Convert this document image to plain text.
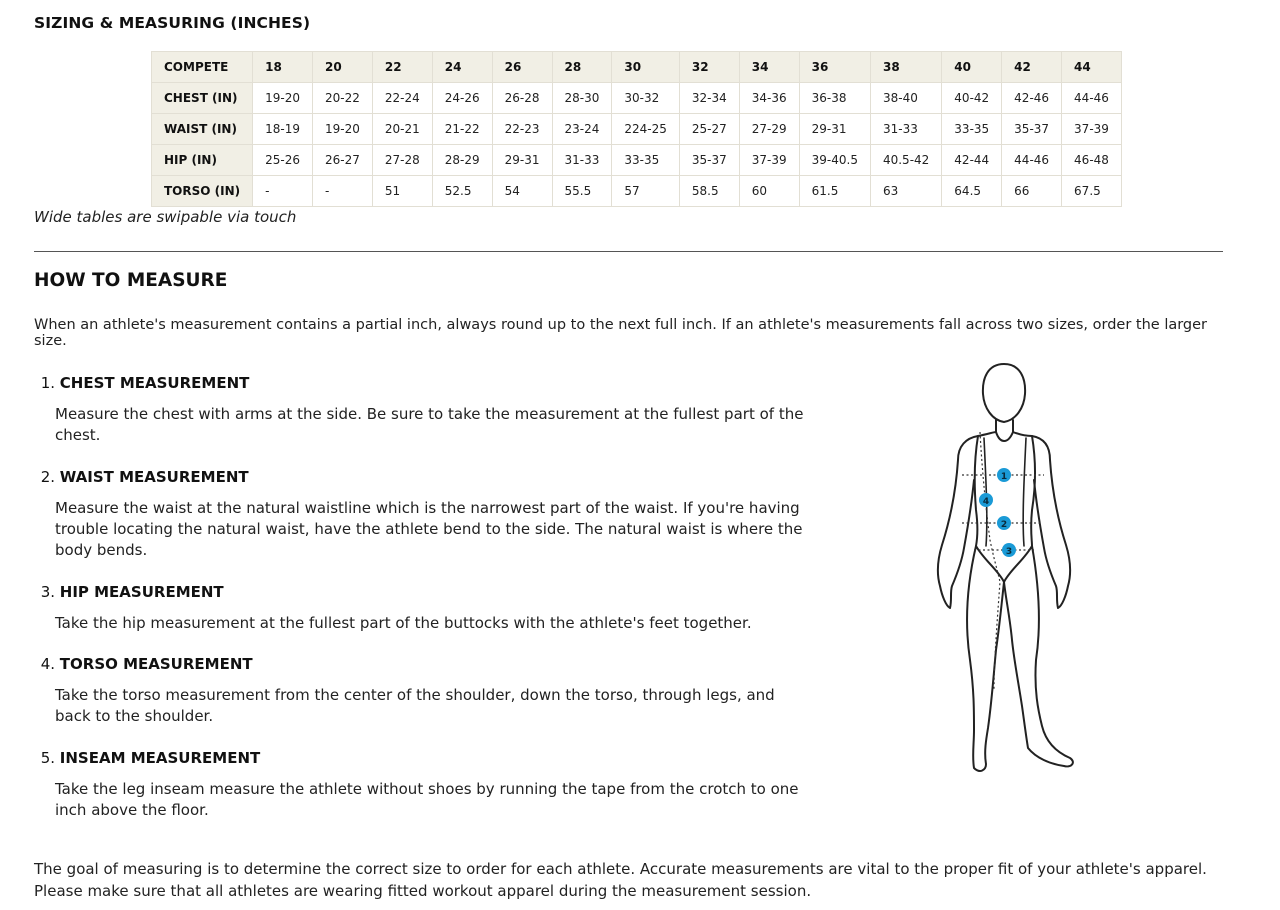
SIZING & MEASURING (INCHES)
COMPETE	18	20	22	24	26	28	30	32	34	36	38	40	42	44
CHEST (IN)	19-20	20-22	22-24	24-26	26-28	28-30	30-32	32-34	34-36	36-38	38-40	40-42	42-46	44-46
WAIST (IN)	18-19	19-20	20-21	21-22	22-23	23-24	224-25	25-27	27-29	29-31	31-33	33-35	35-37	37-39
HIP (IN)	25-26	26-27	27-28	28-29	29-31	31-33	33-35	35-37	37-39	39-40.5	40.5-42	42-44	44-46	46-48
TORSO (IN)	-	-	51	52.5	54	55.5	57	58.5	60	61.5	63	64.5	66	67.5
Wide tables are swipable via touch
HOW TO MEASURE
When an athlete's measurement contains a partial inch, always round up to the next full inch. If an athlete's measurements fall across two sizes, order the larger size.
1. CHEST MEASUREMENT
Measure the chest with arms at the side. Be sure to take the measurement at the fullest part of the chest.
2. WAIST MEASUREMENT
Measure the waist at the natural waistline which is the narrowest part of the waist. If you're having trouble locating the natural waist, have the athlete bend to the side. The natural waist is where the body bends.
3. HIP MEASUREMENT
Take the hip measurement at the fullest part of the buttocks with the athlete's feet together.
4. TORSO MEASUREMENT
Take the torso measurement from the center of the shoulder, down the torso, through legs, and back to the shoulder.
5. INSEAM MEASUREMENT
Take the leg inseam measure the athlete without shoes by running the tape from the crotch to one inch above the floor.
1
2
3
4
The goal of measuring is to determine the correct size to order for each athlete. Accurate measurements are vital to the proper fit of your athlete's apparel. Please make sure that all athletes are wearing fitted workout apparel during the measurement session.
